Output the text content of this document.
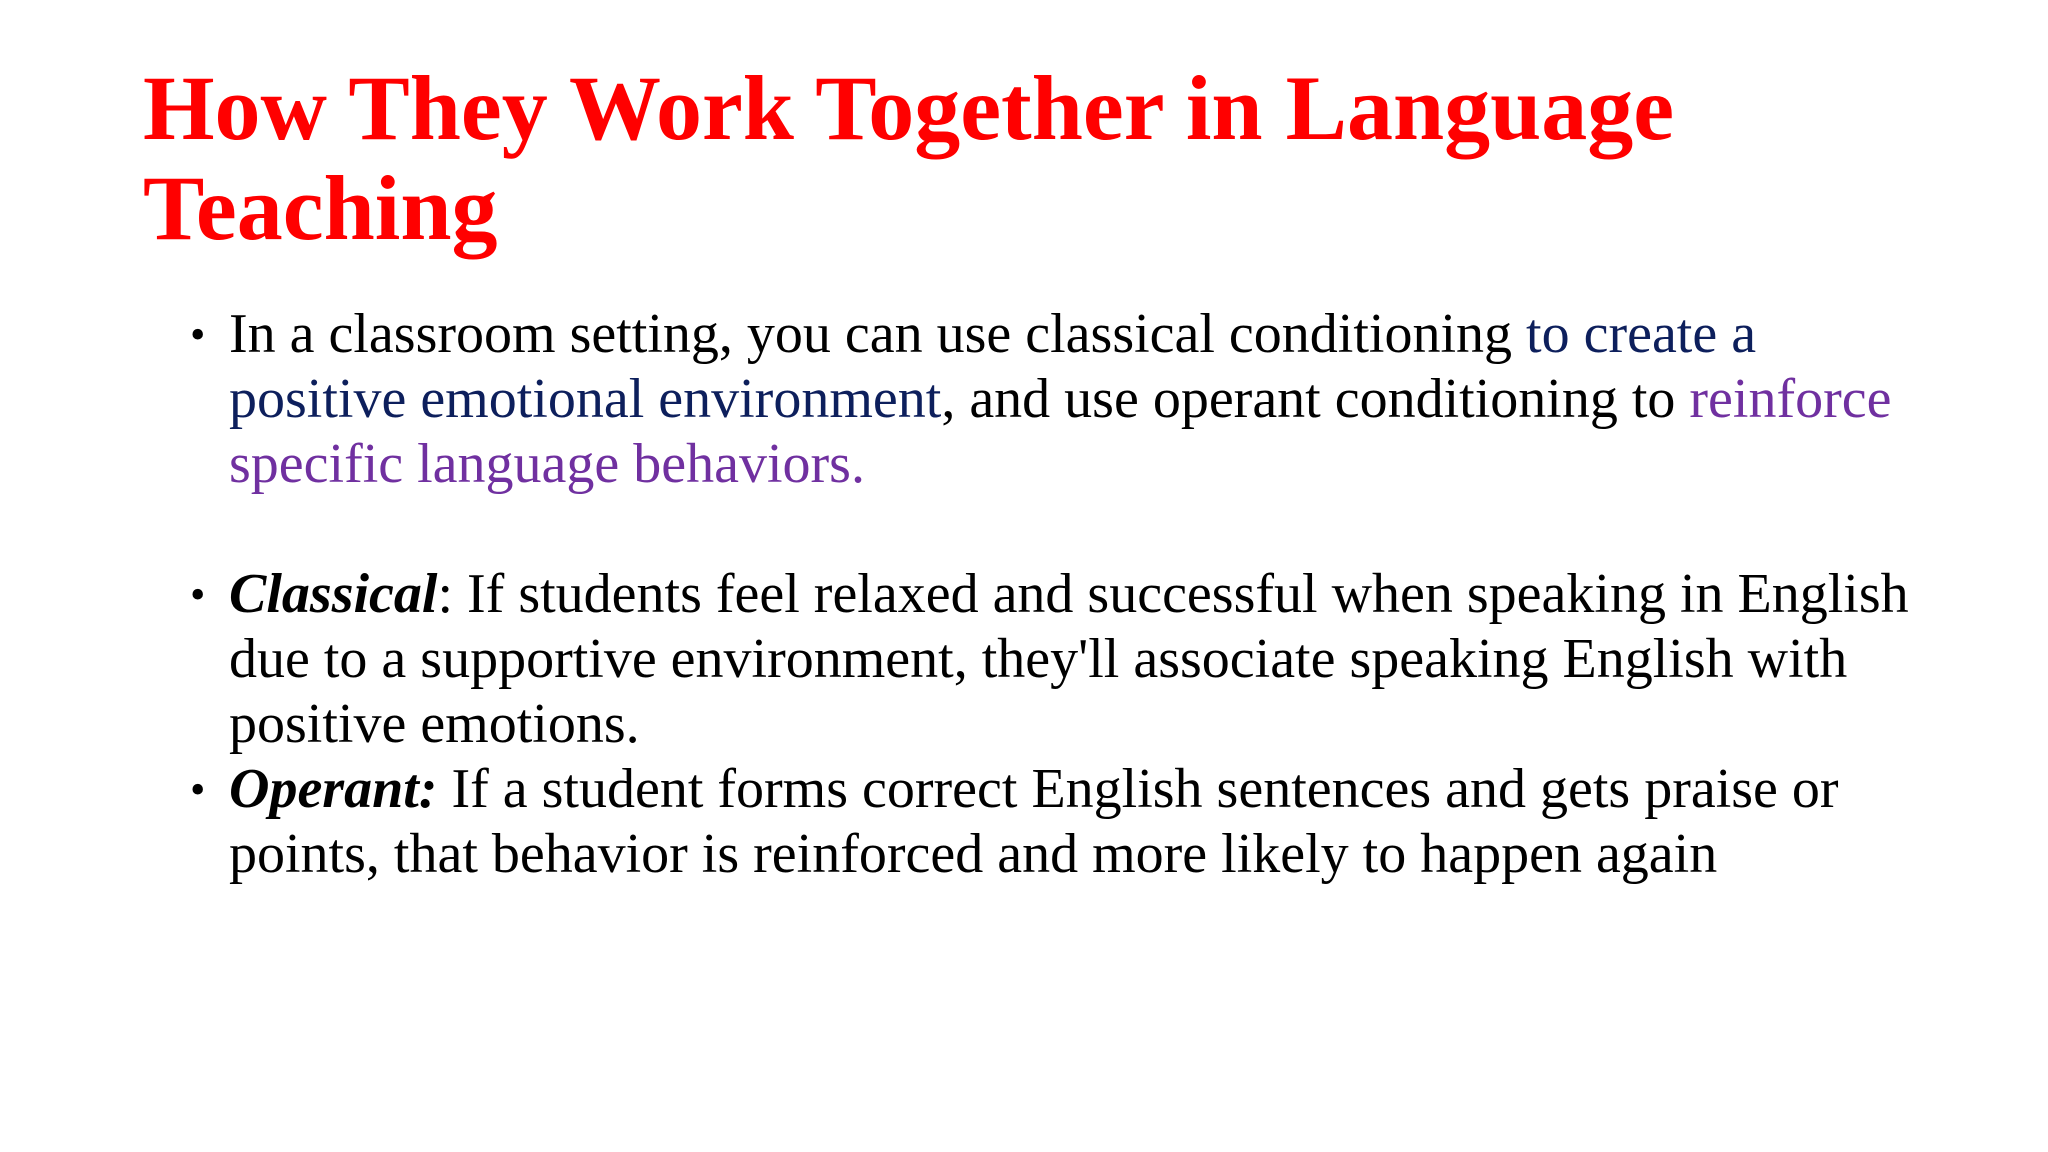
How They Work Together in Language Teaching
• In a classroom setting, you can use classical conditioning to create a positive emotional environment, and use operant conditioning to reinforce specific language behaviors.
• Classical: If students feel relaxed and successful when speaking in English due to a supportive environment, they'll associate speaking English with positive emotions.
• Operant: If a student forms correct English sentences and gets praise or points, that behavior is reinforced and more likely to happen again
